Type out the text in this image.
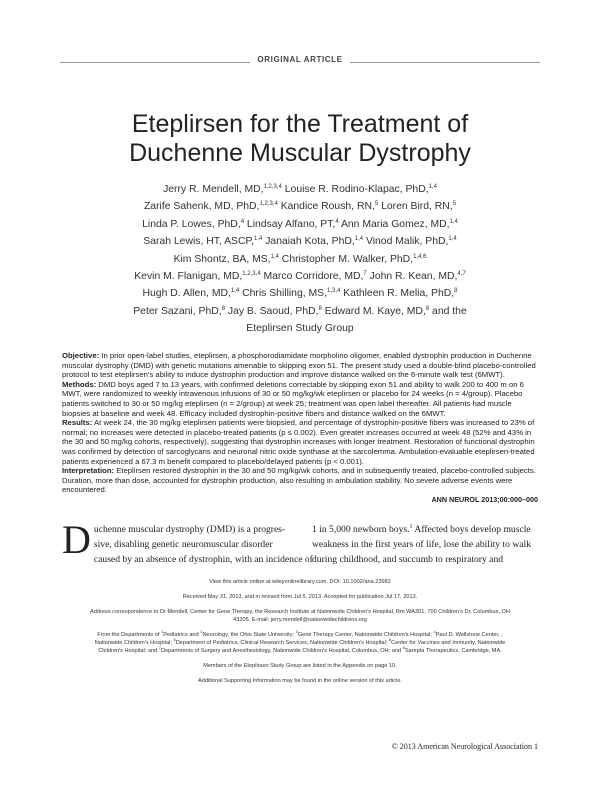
ORIGINAL ARTICLE
Eteplirsen for the Treatment of
Duchenne Muscular Dystrophy
Jerry R. Mendell, MD,$^{1,2,3,4}$ Louise R. Rodino-Klapac, PhD,$^{1,4}$
Zarife Sahenk, MD, PhD,$^{1,2,3,4}$ Kandice Roush, RN,$^5$ Loren Bird, RN,$^5$
Linda P. Lowes, PhD,$^4$ Lindsay Alfano, PT,$^4$ Ann Maria Gomez, MD,$^{1,4}$
Sarah Lewis, HT, ASCP,$^{1,4}$ Janaiah Kota, PhD,$^{1,4}$ Vinod Malik, PhD,$^{1,4}$
Kim Shontz, BA, MS,$^{1,4}$ Christopher M. Walker, PhD,$^{1,4,6}$
Kevin M. Flanigan, MD,$^{1,2,3,4}$ Marco Corridore, MD,$^7$ John R. Kean, MD,$^{4,7}$
Hugh D. Allen, MD,$^{1,4}$ Chris Shilling, MS,$^{1,3,4}$ Kathleen R. Melia, PhD,$^8$
Peter Sazani, PhD,$^8$ Jay B. Saoud, PhD,$^8$ Edward M. Kaye, MD,$^8$ and the
Eteplirsen Study Group

Objective: In prior open-label studies, eteplirsen, a phosphorodiamidate morpholino oligomer, enabled dystrophin production in Duchenne muscular dystrophy (DMD) with genetic mutations amenable to skipping exon 51. The present study used a double-blind placebo-controlled protocol to test eteplirsen's ability to induce dystrophin production and improve distance walked on the 6-minute walk test (6MWT).

Methods: DMD boys aged 7 to 13 years, with confirmed deletions correctable by skipping exon 51 and ability to walk 200 to 400 m on 6 MWT, were randomized to weekly intravenous infusions of 30 or 50 mg/kg/wk eteplirsen or placebo for 24 weeks (n = 4/group). Placebo patients switched to 30 or 50 mg/kg eteplirsen (n = 2/group) at week 25; treatment was open label thereafter. All patients had muscle biopsies at baseline and week 48. Efficacy included dystrophin-positive fibers and distance walked on the 6MWT.

Results: At week 24, the 30 mg/kg eteplirsen patients were biopsied, and percentage of dystrophin-positive fibers was increased to 23% of normal; no increases were detected in placebo-treated patients (p ≤ 0.002). Even greater increases occurred at week 48 (52% and 43% in the 30 and 50 mg/kg cohorts, respectively), suggesting that dystrophin increases with longer treatment. Restoration of functional dystrophin was confirmed by detection of sarcoglycans and neuronal nitric oxide synthase at the sarcolemma. Ambulation-evaluable eteplirsen-treated patients experienced a 67.3 m benefit compared to placebo/delayed patients (p < 0.001).

Interpretation: Eteplirsen restored dystrophin in the 30 and 50 mg/kg/wk cohorts, and in subsequently treated, placebo-controlled subjects. Duration, more than dose, accounted for dystrophin production, also resulting in ambulation stability. No severe adverse events were encountered.

ANN NEUROL 2013;00:000–000
D uchenne muscular dystrophy (DMD) is a progres-
sive, disabling genetic neuromuscular disorder
caused by an absence of dystrophin, with an incidence of
1 in 5,000 newborn boys.$^1$ Affected boys develop muscle
weakness in the first years of life, lose the ability to walk
during childhood, and succumb to respiratory and

View this article online at wileyonlinelibrary.com. DOI: 10.1002/ana.23982

Received May 31, 2013, and in revised form Jul 5, 2013. Accepted for publication Jul 17, 2013.

Address correspondence to Dr Mendell, Center for Gene Therapy, the Research Institute at Nationwide Children's Hospital, Rm WA301, 700 Children's Dr, Columbus, OH 43205. E-mail: jerry.mendell@nationwidechildrens.org

From the Departments of $^1$Pediatrics and $^2$Neurology, the Ohio State University; $^3$Gene Therapy Center, Nationwide Children's Hospital; $^4$Paul D. Wellstone Center, , Nationwide Children's Hospital; $^5$Department of Pediatrics, Clinical Research Services, Nationwide Children's Hospital; $^6$Center for Vaccines and Immunity, Nationwide Children's Hospital; and $^7$Departments of Surgery and Anesthesiology, Nationwide Children's Hospital, Columbus, OH; and $^8$Sarepta Therapeutics, Cambridge, MA.

Members of the Eteplirsen Study Group are listed in the Appendix on page 10.

Additional Supporting Information may be found in the online version of this article.

© 2013 American Neurological Association 1
